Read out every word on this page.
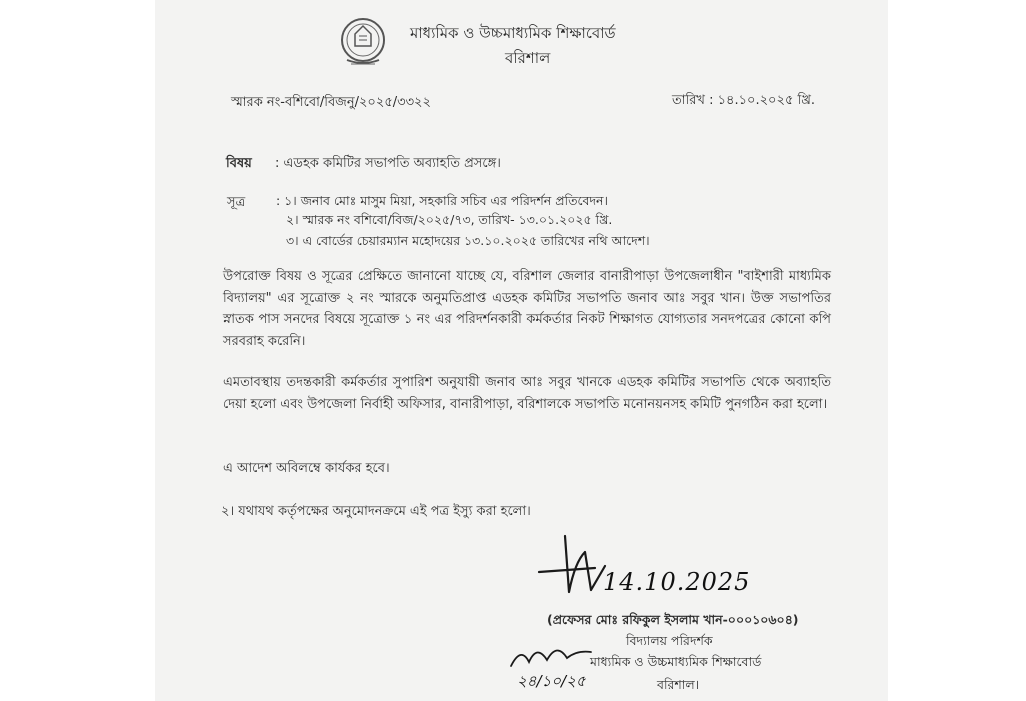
মাধ্যমিক ও উচ্চমাধ্যমিক শিক্ষাবোর্ড
বরিশাল
স্মারক নং-বশিবো/বিজনু/২০২৫/৩৩২২	তারিখ : ১৪.১০.২০২৫ খ্রি.
বিষয় : এডহক কমিটির সভাপতি অব্যাহতি প্রসঙ্গে।
সূত্র : ১। জনাব মোঃ মাসুম মিয়া, সহকারি সচিব এর পরিদর্শন প্রতিবেদন।
২। স্মারক নং বশিবো/বিজ/২০২৫/৭৩, তারিখ- ১৩.০১.২০২৫ খ্রি.
৩। এ বোর্ডের চেয়ারম্যান মহোদয়ের ১৩.১০.২০২৫ তারিখের নথি আদেশ।
উপরোক্ত বিষয় ও সূত্রের প্রেক্ষিতে জানানো যাচ্ছে যে, বরিশাল জেলার বানারীপাড়া উপজেলাধীন "বাইশারী মাধ্যমিক বিদ্যালয়" এর সূত্রোক্ত ২ নং স্মারকে অনুমতিপ্রাপ্ত এডহক কমিটির সভাপতি জনাব আঃ সবুর খান। উক্ত সভাপতির স্নাতক পাস সনদের বিষয়ে সূত্রোক্ত ১ নং এর পরিদর্শনকারী কর্মকর্তার নিকট শিক্ষাগত যোগ্যতার সনদপত্রের কোনো কপি সরবরাহ করেনি।
এমতাবস্থায় তদন্তকারী কর্মকর্তার সুপারিশ অনুযায়ী জনাব আঃ সবুর খানকে এডহক কমিটির সভাপতি থেকে অব্যাহতি দেয়া হলো এবং উপজেলা নির্বাহী অফিসার, বানারীপাড়া, বরিশালকে সভাপতি মনোনয়নসহ কমিটি পুনগঠিন করা হলো।
এ আদেশ অবিলম্বে কার্যকর হবে।
২। যথাযথ কর্তৃপক্ষের অনুমোদনক্রমে এই পত্র ইস্যু করা হলো।
14.10.2025
(প্রফেসর মোঃ রফিকুল ইসলাম খান-০০০১০৬০৪)
বিদ্যালয় পরিদর্শক
মাধ্যমিক ও উচ্চমাধ্যমিক শিক্ষাবোর্ড
বরিশাল।
২৪/১০/২৫
